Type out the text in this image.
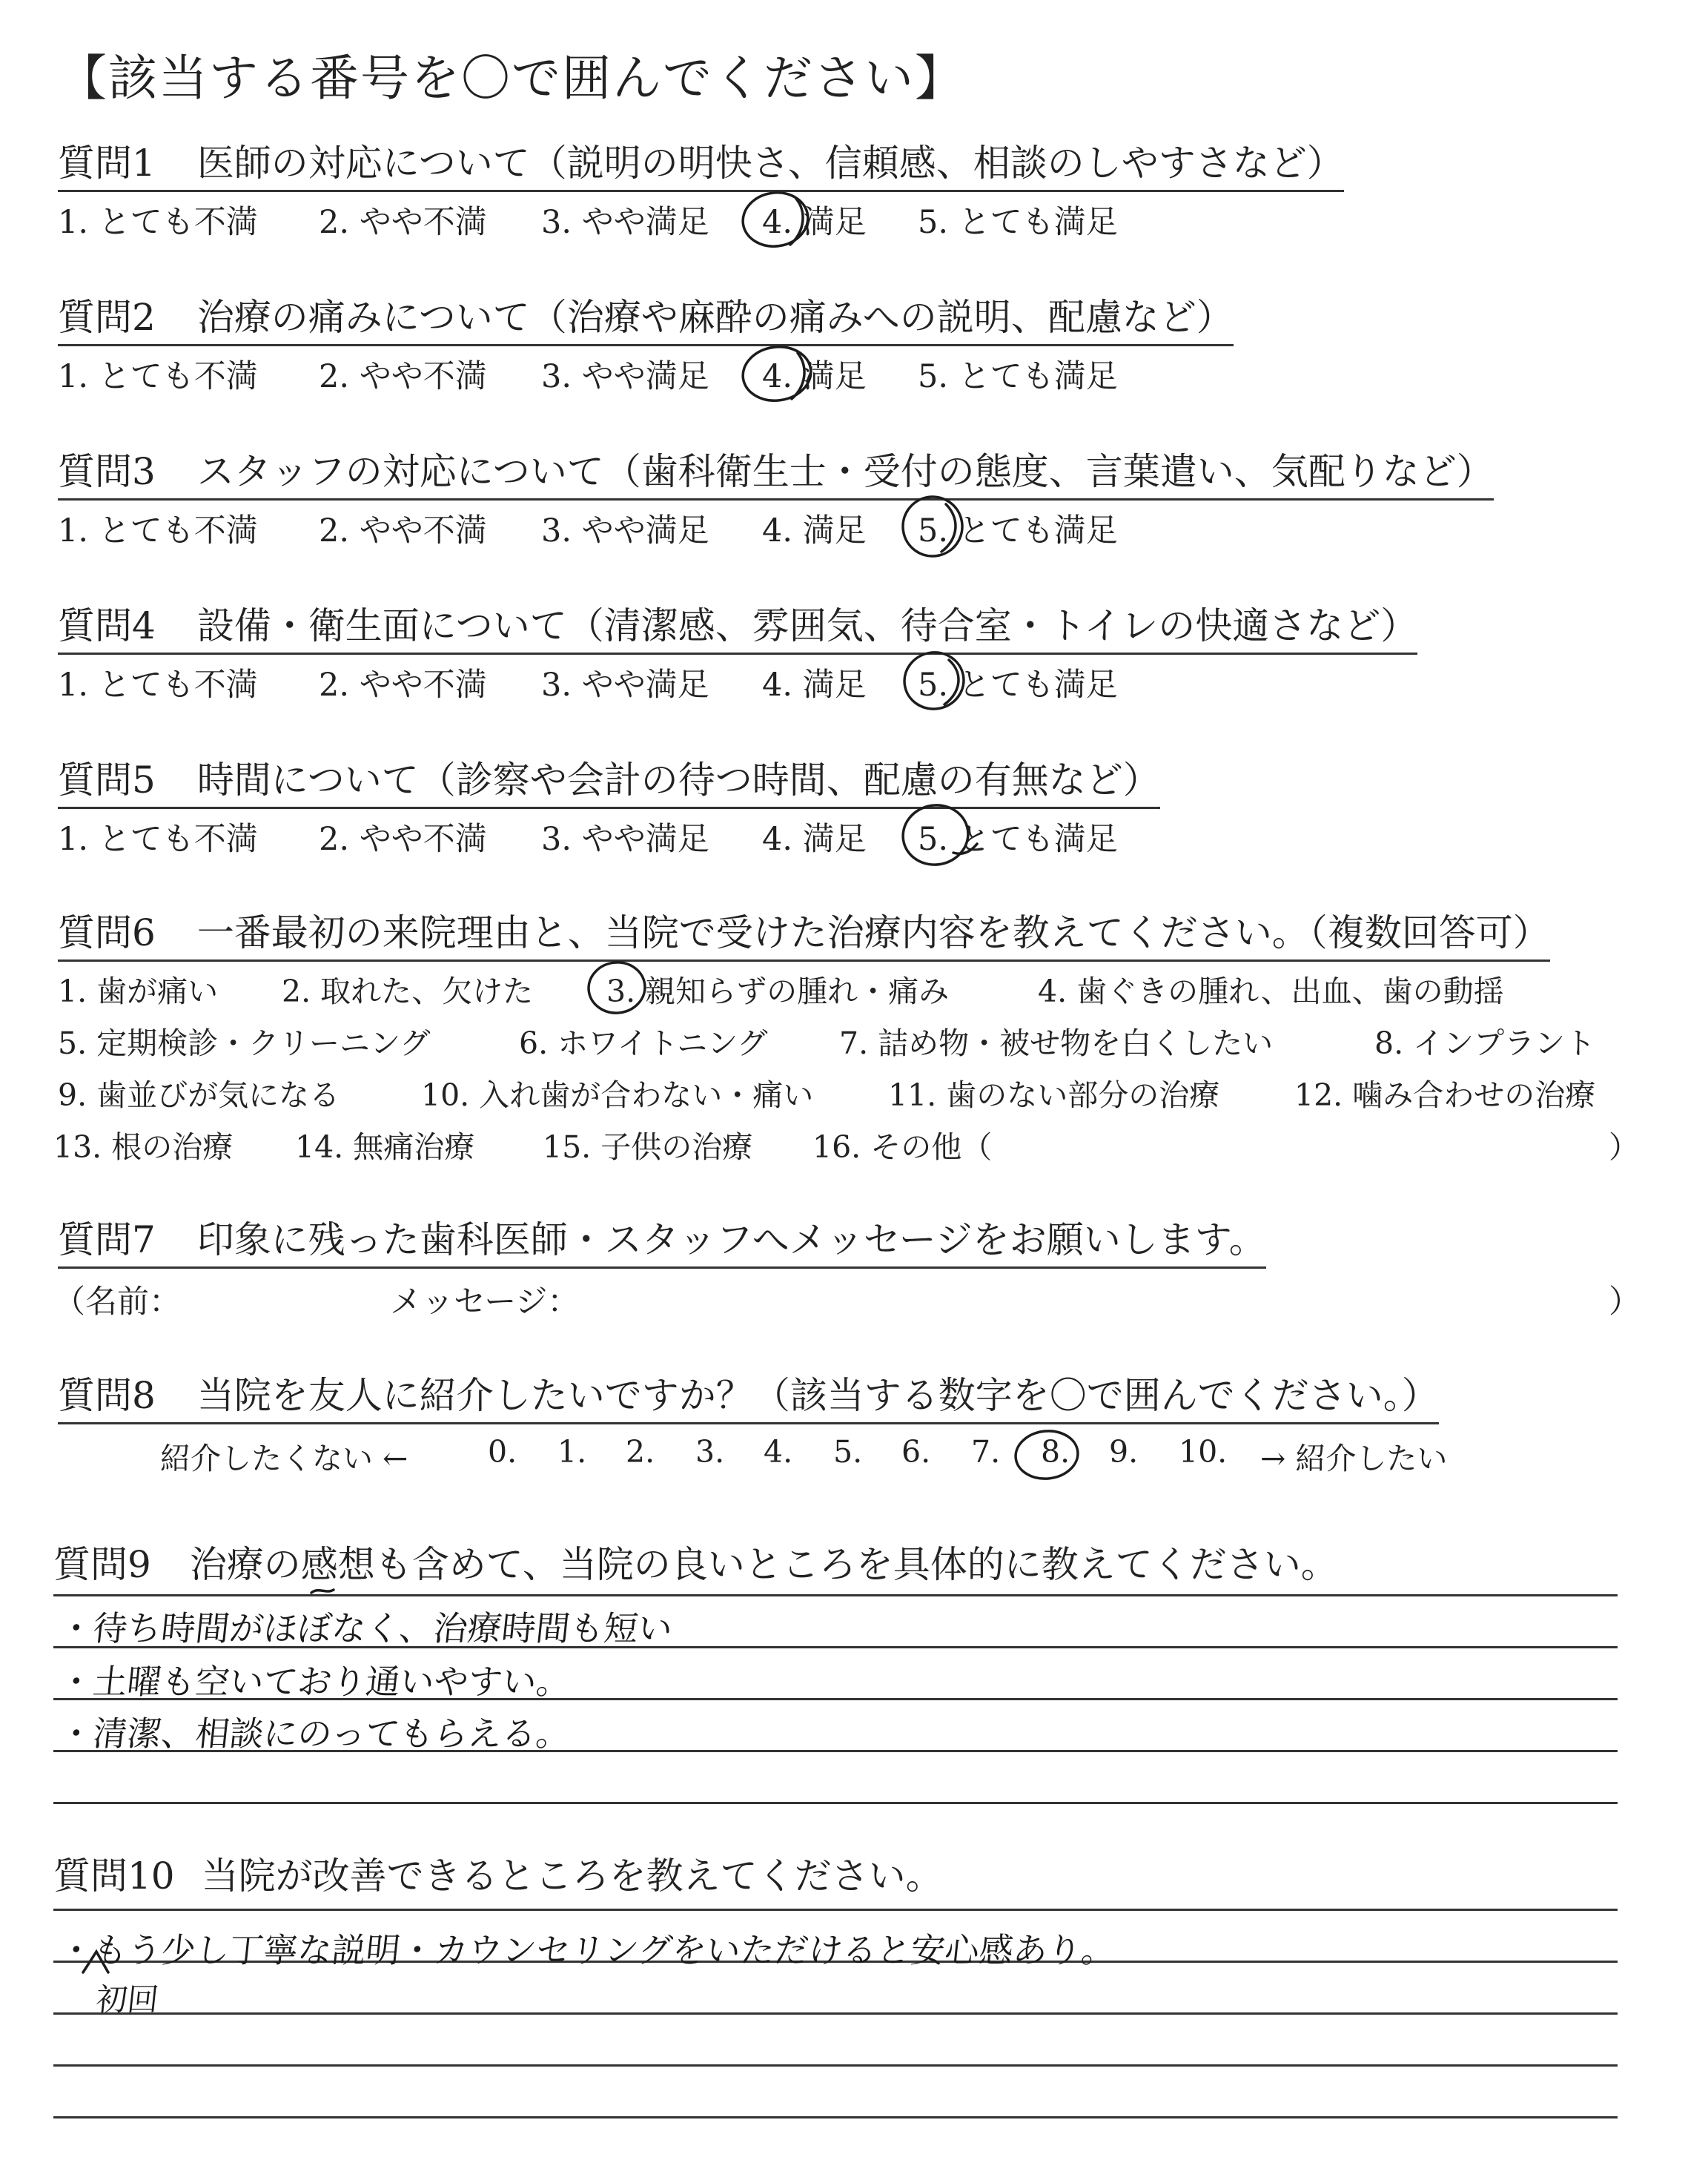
【該当する番号を〇で囲んでください】
質問1 医師の対応について（説明の明快さ、信頼感、相談のしやすさなど）
1. とても不満 2. やや不満 3. やや満足 4. 満足 5. とても満足
質問2 治療の痛みについて（治療や麻酔の痛みへの説明、配慮など）
1. とても不満 2. やや不満 3. やや満足 4. 満足 5. とても満足
質問3 スタッフの対応について（歯科衛生士・受付の態度、言葉遣い、気配りなど）
1. とても不満 2. やや不満 3. やや満足 4. 満足 5. とても満足
質問4 設備・衛生面について（清潔感、雰囲気、待合室・トイレの快適さなど）
1. とても不満 2. やや不満 3. やや満足 4. 満足 5. とても満足
質問5 時間について（診察や会計の待つ時間、配慮の有無など）
1. とても不満 2. やや不満 3. やや満足 4. 満足 5. とても満足
質問6 一番最初の来院理由と、当院で受けた治療内容を教えてください。（複数回答可）
1. 歯が痛い 2. 取れた、欠けた 3. 親知らずの腫れ・痛み	4. 歯ぐきの腫れ、出血、歯の動揺
5. 定期検診・クリーニング	6. ホワイトニング 7. 詰め物・被せ物を白くしたい	8. インプラント
9. 歯並びが気になる	10. 入れ歯が合わない・痛い 11. 歯のない部分の治療 12. 噛み合わせの治療
13. 根の治療 14. 無痛治療 15. 子供の治療 16. その他（	）
質問7 印象に残った歯科医師・スタッフへメッセージをお願いします。
（名前：	メッセージ：	）
質問8 当院を友人に紹介したいですか？（該当する数字を〇で囲んでください。）
紹介したくない ←	0. 1. 2. 3. 4. 5. 6. 7. 8. 9. 10. → 紹介したい
質問9 治療の感想も含めて、当院の良いところを具体的に教えてください。
・待ち時間がほぼなく、治療時間も短い
・土曜も空いており通いやすい。
・清潔、相談にのってもらえる。
質問10 当院が改善できるところを教えてください。
・もう少し丁寧な説明・カウンセリングをいただけると安心感あり。
初回
